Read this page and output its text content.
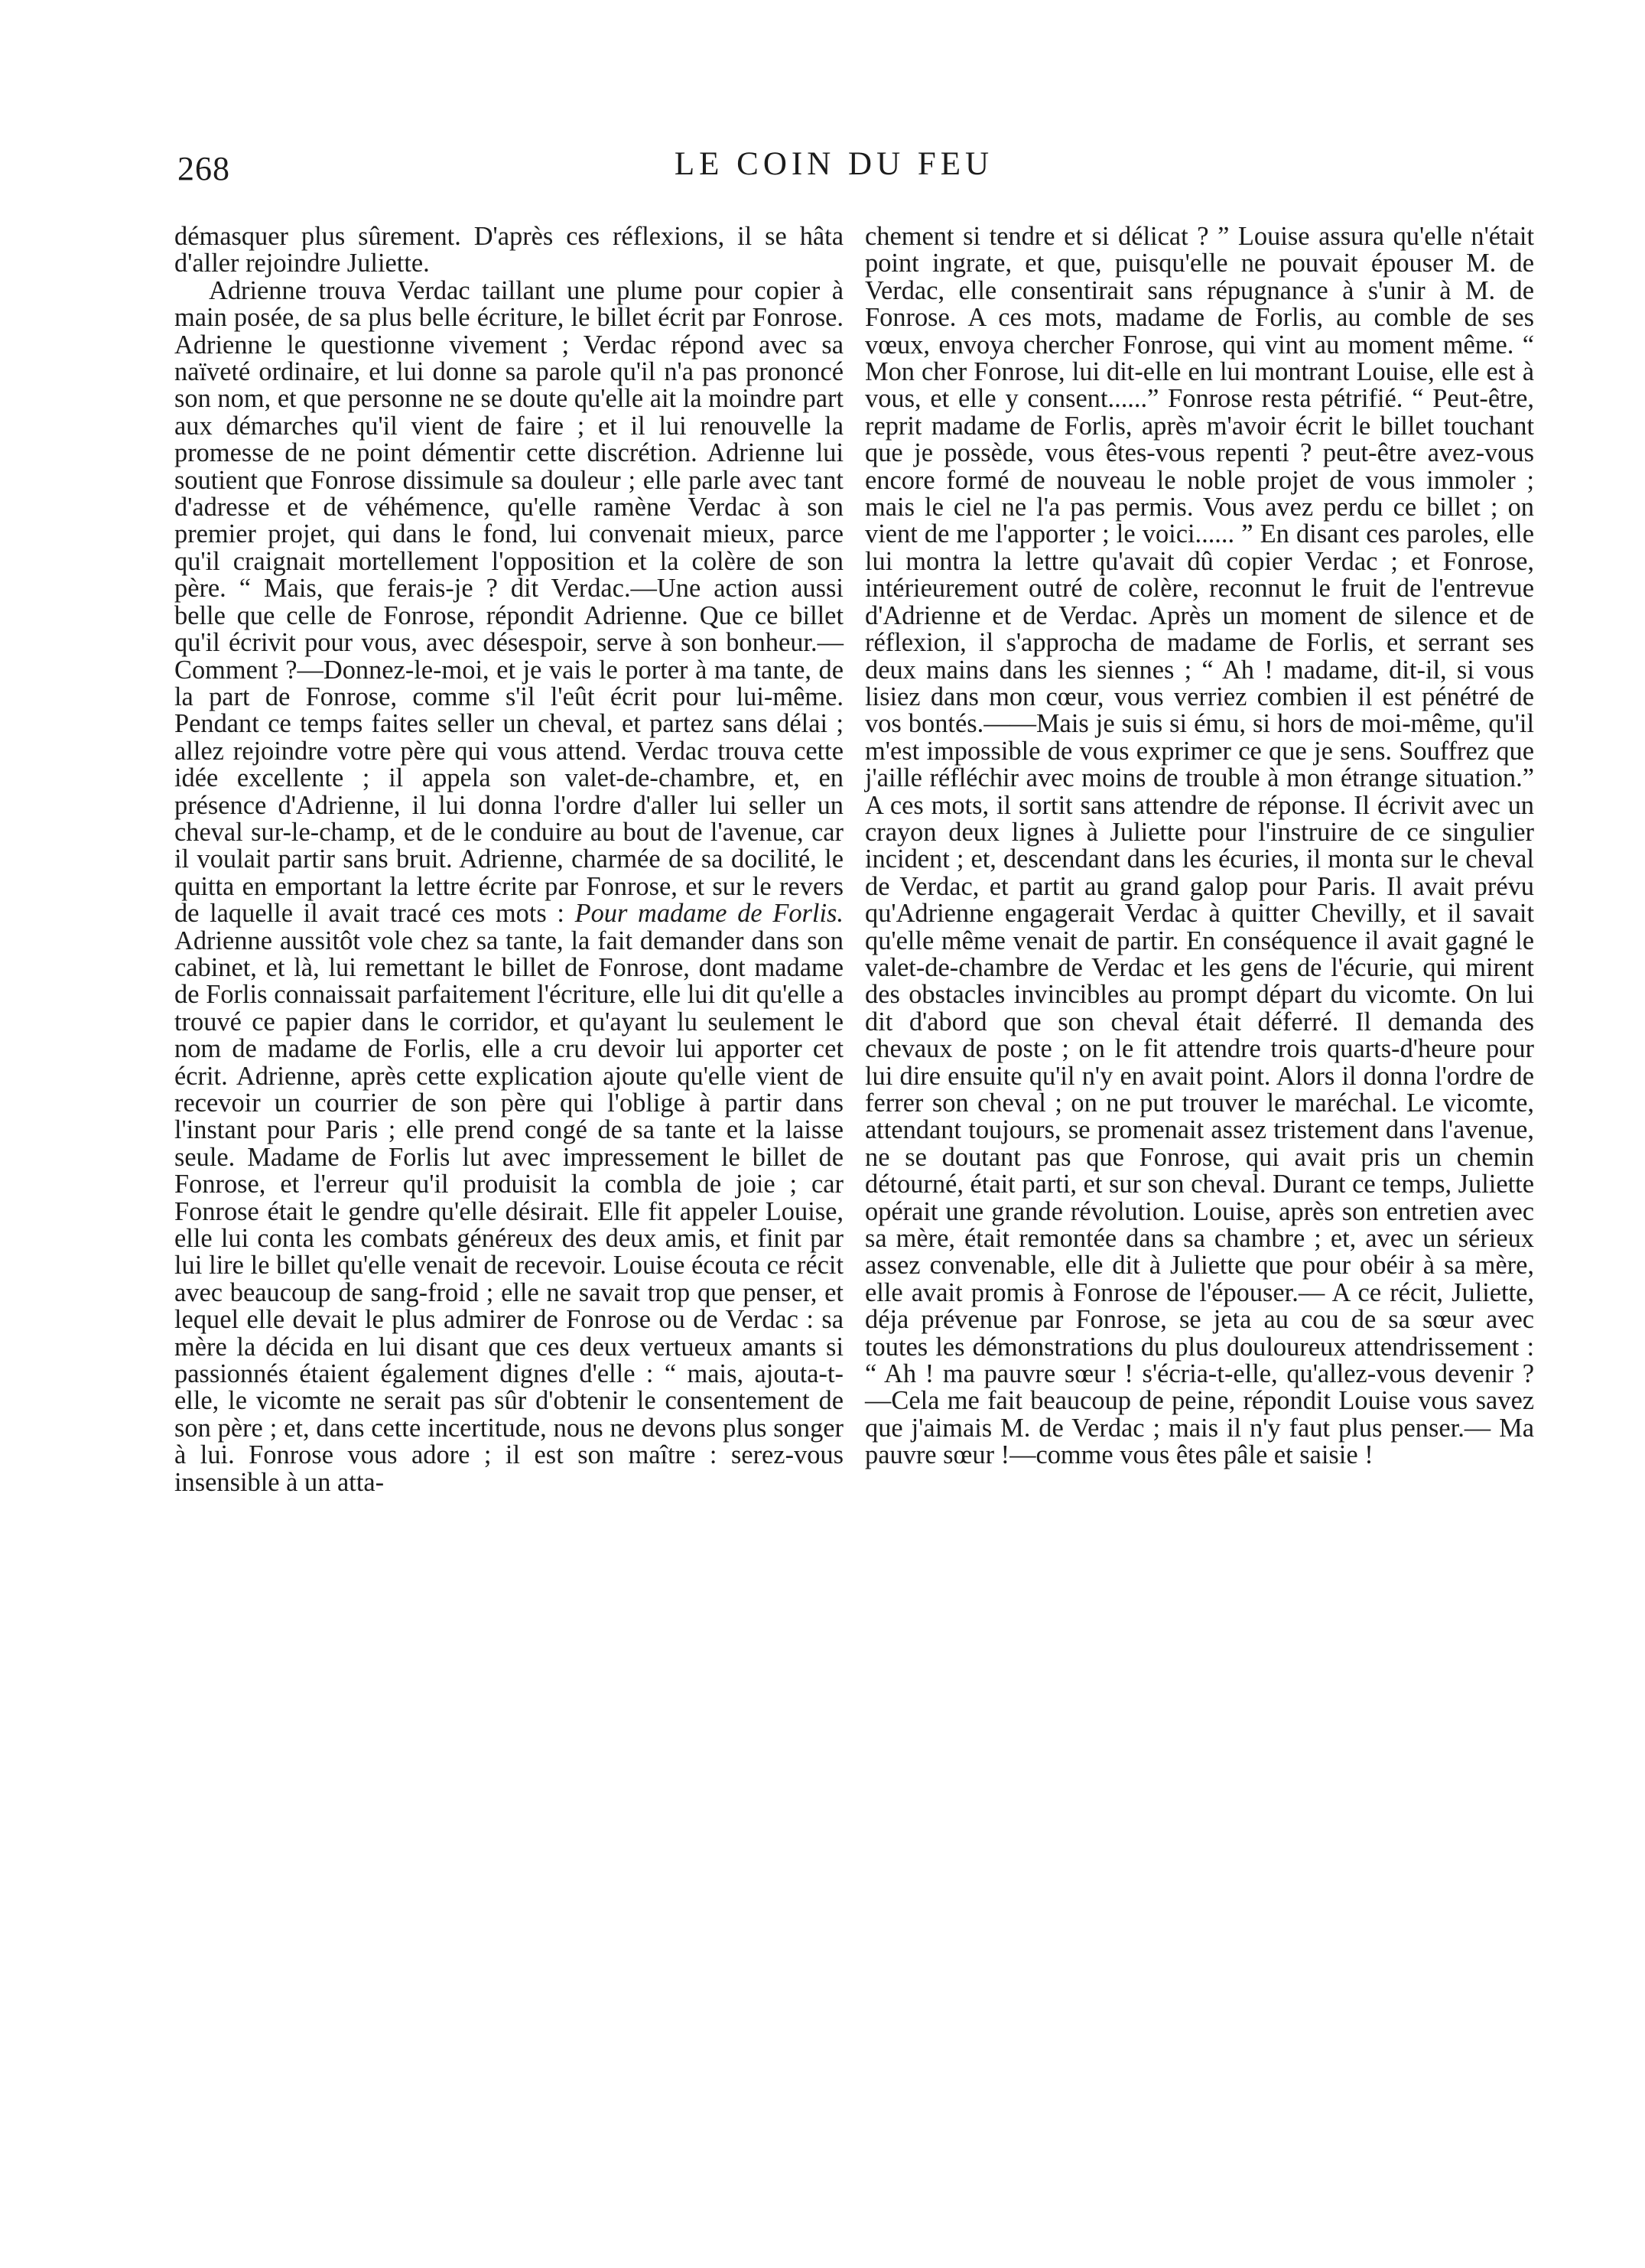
268	LE COIN DU FEU

démasquer plus sûrement. D'après ces réflexions, il se hâta d'aller rejoindre Juliette.

Adrienne trouva Verdac taillant une plume pour copier à main posée, de sa plus belle écriture, le billet écrit par Fonrose. Adrienne le questionne vivement ; Verdac répond avec sa naïveté ordinaire, et lui donne sa parole qu'il n'a pas prononcé son nom, et que personne ne se doute qu'elle ait la moindre part aux démarches qu'il vient de faire ; et il lui renouvelle la promesse de ne point démentir cette discrétion. Adrienne lui soutient que Fonrose dissimule sa douleur ; elle parle avec tant d'adresse et de véhémence, qu'elle ramène Verdac à son premier projet, qui dans le fond, lui convenait mieux, parce qu'il craignait mortellement l'opposition et la colère de son père. “ Mais, que ferais-je ? dit Verdac.—Une action aussi belle que celle de Fonrose, répondit Adrienne. Que ce billet qu'il écrivit pour vous, avec désespoir, serve à son bonheur.—Comment ?—Donnez-le-moi, et je vais le porter à ma tante, de la part de Fonrose, comme s'il l'eût écrit pour lui-même. Pendant ce temps faites seller un cheval, et partez sans délai ; allez rejoindre votre père qui vous attend. Verdac trouva cette idée excellente ; il appela son valet-de-chambre, et, en présence d'Adrienne, il lui donna l'ordre d'aller lui seller un cheval sur-le-champ, et de le conduire au bout de l'avenue, car il voulait partir sans bruit. Adrienne, charmée de sa docilité, le quitta en emportant la lettre écrite par Fonrose, et sur le revers de laquelle il avait tracé ces mots : Pour madame de Forlis. Adrienne aussitôt vole chez sa tante, la fait demander dans son cabinet, et là, lui remettant le billet de Fonrose, dont madame de Forlis connaissait parfaitement l'écriture, elle lui dit qu'elle a trouvé ce papier dans le corridor, et qu'ayant lu seulement le nom de madame de Forlis, elle a cru devoir lui apporter cet écrit. Adrienne, après cette explication ajoute qu'elle vient de recevoir un courrier de son père qui l'oblige à partir dans l'instant pour Paris ; elle prend congé de sa tante et la laisse seule. Madame de Forlis lut avec impressement le billet de Fonrose, et l'erreur qu'il produisit la combla de joie ; car Fonrose était le gendre qu'elle désirait. Elle fit appeler Louise, elle lui conta les combats généreux des deux amis, et finit par lui lire le billet qu'elle venait de recevoir. Louise écouta ce récit avec beaucoup de sang-froid ; elle ne savait trop que penser, et lequel elle devait le plus admirer de Fonrose ou de Verdac : sa mère la décida en lui disant que ces deux vertueux amants si passionnés étaient également dignes d'elle : “ mais, ajouta-t-elle, le vicomte ne serait pas sûr d'obtenir le consentement de son père ; et, dans cette incertitude, nous ne devons plus songer à lui. Fonrose vous adore ; il est son maître : serez-vous insensible à un atta-

chement si tendre et si délicat ? ” Louise assura qu'elle n'était point ingrate, et que, puisqu'elle ne pouvait épouser M. de Verdac, elle consentirait sans répugnance à s'unir à M. de Fonrose. A ces mots, madame de Forlis, au comble de ses vœux, envoya chercher Fonrose, qui vint au moment même. “ Mon cher Fonrose, lui dit-elle en lui montrant Louise, elle est à vous, et elle y consent......” Fonrose resta pétrifié. “ Peut-être, reprit madame de Forlis, après m'avoir écrit le billet touchant que je possède, vous êtes-vous repenti ? peut-être avez-vous encore formé de nouveau le noble projet de vous immoler ; mais le ciel ne l'a pas permis. Vous avez perdu ce billet ; on vient de me l'apporter ; le voici...... ” En disant ces paroles, elle lui montra la lettre qu'avait dû copier Verdac ; et Fonrose, intérieurement outré de colère, reconnut le fruit de l'entrevue d'Adrienne et de Verdac. Après un moment de silence et de réflexion, il s'approcha de madame de Forlis, et serrant ses deux mains dans les siennes ; “ Ah ! madame, dit-il, si vous lisiez dans mon cœur, vous verriez combien il est pénétré de vos bontés.——Mais je suis si ému, si hors de moi-même, qu'il m'est impossible de vous exprimer ce que je sens. Souffrez que j'aille réfléchir avec moins de trouble à mon étrange situation.” A ces mots, il sortit sans attendre de réponse. Il écrivit avec un crayon deux lignes à Juliette pour l'instruire de ce singulier incident ; et, descendant dans les écuries, il monta sur le cheval de Verdac, et partit au grand galop pour Paris. Il avait prévu qu'Adrienne engagerait Verdac à quitter Chevilly, et il savait qu'elle même venait de partir. En conséquence il avait gagné le valet-de-chambre de Verdac et les gens de l'écurie, qui mirent des obstacles invincibles au prompt départ du vicomte. On lui dit d'abord que son cheval était déferré. Il demanda des chevaux de poste ; on le fit attendre trois quarts-d'heure pour lui dire ensuite qu'il n'y en avait point. Alors il donna l'ordre de ferrer son cheval ; on ne put trouver le maréchal. Le vicomte, attendant toujours, se promenait assez tristement dans l'avenue, ne se doutant pas que Fonrose, qui avait pris un chemin détourné, était parti, et sur son cheval. Durant ce temps, Juliette opérait une grande révolution. Louise, après son entretien avec sa mère, était remontée dans sa chambre ; et, avec un sérieux assez convenable, elle dit à Juliette que pour obéir à sa mère, elle avait promis à Fonrose de l'épouser.— A ce récit, Juliette, déja prévenue par Fonrose, se jeta au cou de sa sœur avec toutes les démonstrations du plus douloureux attendrissement : “ Ah ! ma pauvre sœur ! s'écria-t-elle, qu'allez-vous devenir ?—Cela me fait beaucoup de peine, répondit Louise vous savez que j'aimais M. de Verdac ; mais il n'y faut plus penser.— Ma pauvre sœur !—comme vous êtes pâle et saisie !
